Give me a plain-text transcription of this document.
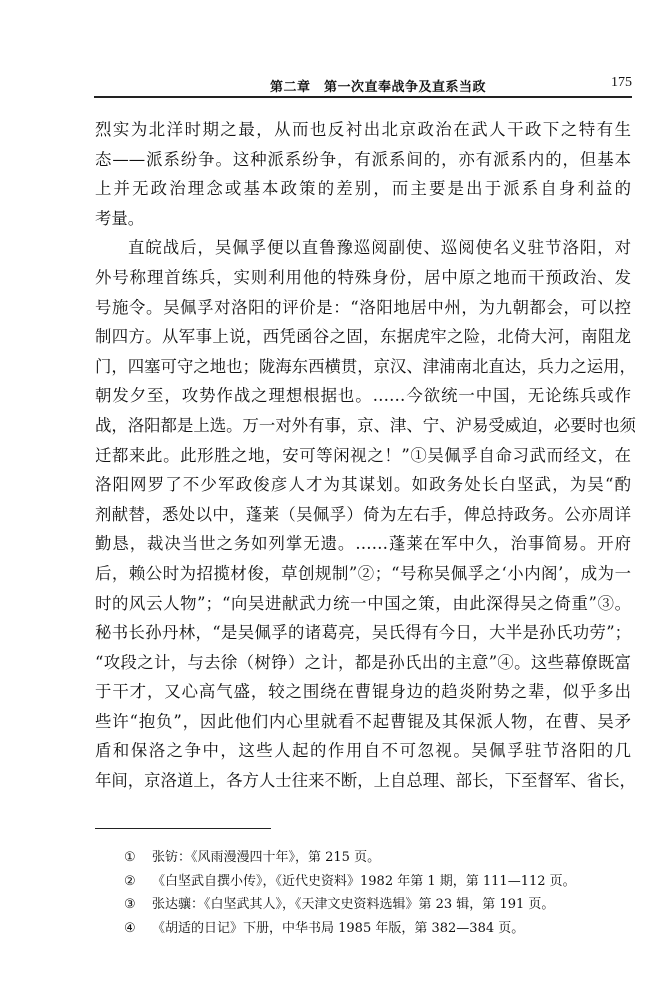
第二章　第一次直奉战争及直系当政	175
烈实为北洋时期之最，从而也反衬出北京政治在武人干政下之特有生
态——派系纷争。这种派系纷争，有派系间的，亦有派系内的，但基本
上并无政治理念或基本政策的差别，而主要是出于派系自身利益的
考量。
直皖战后，吴佩孚便以直鲁豫巡阅副使、巡阅使名义驻节洛阳，对
外号称理首练兵，实则利用他的特殊身份，居中原之地而干预政治、发
号施令。吴佩孚对洛阳的评价是：“洛阳地居中州，为九朝都会，可以控
制四方。从军事上说，西凭函谷之固，东据虎牢之险，北倚大河，南阻龙
门，四塞可守之地也；陇海东西横贯，京汉、津浦南北直达，兵力之运用，
朝发夕至，攻势作战之理想根据也。……今欲统一中国，无论练兵或作
战，洛阳都是上选。万一对外有事，京、津、宁、沪易受威迫，必要时也须
迁都来此。此形胜之地，安可等闲视之！”①吴佩孚自命习武而经文，在
洛阳网罗了不少军政俊彦人才为其谋划。如政务处长白坚武，为吴“酌
剂献替，悉处以中，蓬莱（吴佩孚）倚为左右手，俾总持政务。公亦周详
勤恳，裁决当世之务如列掌无遗。……蓬莱在军中久，治事简易。开府
后，赖公时为招揽材俊，草创规制”②；“号称吴佩孚之‘小内阁’，成为一
时的风云人物”；“向吴进献武力统一中国之策，由此深得吴之倚重”③。
秘书长孙丹林，“是吴佩孚的诸葛亮，吴氏得有今日，大半是孙氏功劳”；
“攻段之计，与去徐（树铮）之计，都是孙氏出的主意”④。这些幕僚既富
于干才，又心高气盛，较之围绕在曹锟身边的趋炎附势之辈，似乎多出
些许“抱负”，因此他们内心里就看不起曹锟及其保派人物，在曹、吴矛
盾和保洛之争中，这些人起的作用自不可忽视。吴佩孚驻节洛阳的几
年间，京洛道上，各方人士往来不断，上自总理、部长，下至督军、省长，
①	张钫：《风雨漫漫四十年》，第 215 页。
②	《白坚武自撰小传》，《近代史资料》1982 年第 1 期，第 111—112 页。
③	张达骧：《白坚武其人》，《天津文史资料选辑》第 23 辑，第 191 页。
④	《胡适的日记》下册，中华书局 1985 年版，第 382—384 页。
